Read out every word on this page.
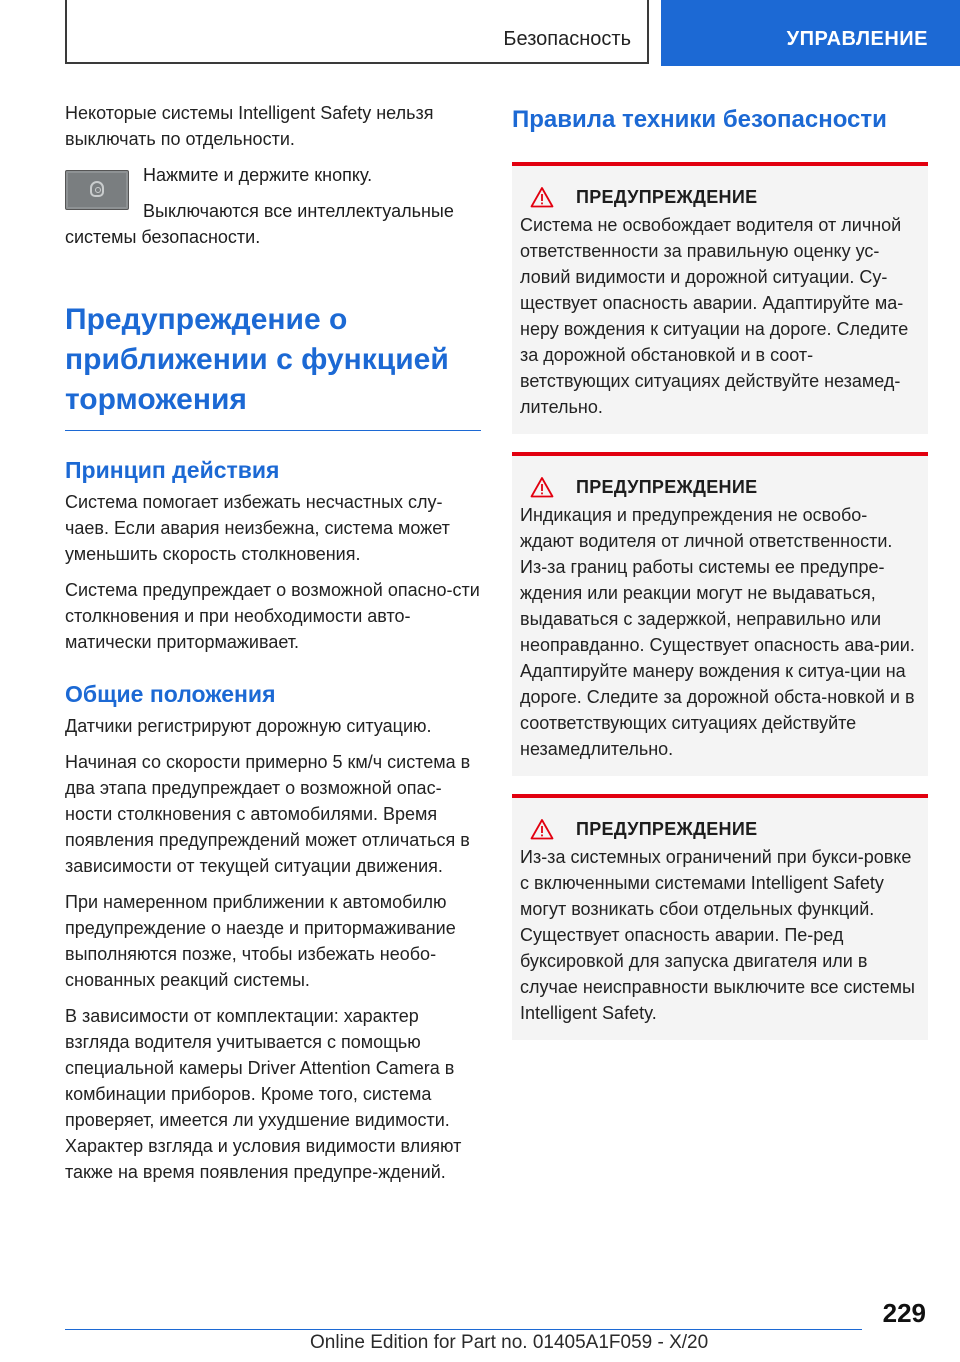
Безопасность	УПРАВЛЕНИЕ

Некоторые системы Intelligent Safety нельзя выключать по отдельности.

Нажмите и держите кнопку.
Выключаются все интеллектуальные
системы безопасности.
Предупреждение о приближении с функцией торможения
Принцип действия

Система помогает избежать несчастных слу-чаев. Если авария неизбежна, система может уменьшить скорость столкновения.

Система предупреждает о возможной опасно-сти столкновения и при необходимости авто-матически притормаживает.

Общие положения

Датчики регистрируют дорожную ситуацию.

Начиная со скорости примерно 5 км/ч система в два этапа предупреждает о возможной опас-ности столкновения с автомобилями. Время появления предупреждений может отличаться в зависимости от текущей ситуации движения.

При намеренном приближении к автомобилю предупреждение о наезде и притормаживание выполняются позже, чтобы избежать необо-снованных реакций системы.

В зависимости от комплектации: характер взгляда водителя учитывается с помощью специальной камеры Driver Attention Camera в комбинации приборов. Кроме того, система проверяет, имеется ли ухудшение видимости. Характер взгляда и условия видимости влияют также на время появления предупре-ждений.

Правила техники безопасности
ПРЕДУПРЕЖДЕНИЕ

Система не освобождает водителя от личной ответственности за правильную оценку ус-ловий видимости и дорожной ситуации. Су-ществует опасность аварии. Адаптируйте ма-неру вождения к ситуации на дороге. Следите за дорожной обстановкой и в соот-ветствующих ситуациях действуйте незамед-лительно.

ПРЕДУПРЕЖДЕНИЕ

Индикация и предупреждения не освобо-ждают водителя от личной ответственности. Из-за границ работы системы ее предупре-ждения или реакции могут не выдаваться, выдаваться с задержкой, неправильно или неоправданно. Существует опасность ава-рии. Адаптируйте манеру вождения к ситуа-ции на дороге. Следите за дорожной обста-новкой и в соответствующих ситуациях действуйте незамедлительно.

ПРЕДУПРЕЖДЕНИЕ

Из-за системных ограничений при букси-ровке с включенными системами Intelligent Safety могут возникать сбои отдельных функций. Существует опасность аварии. Пе-ред буксировкой для запуска двигателя или в случае неисправности выключите все системы Intelligent Safety.

229
Online Edition for Part no. 01405A1F059 - X/20
